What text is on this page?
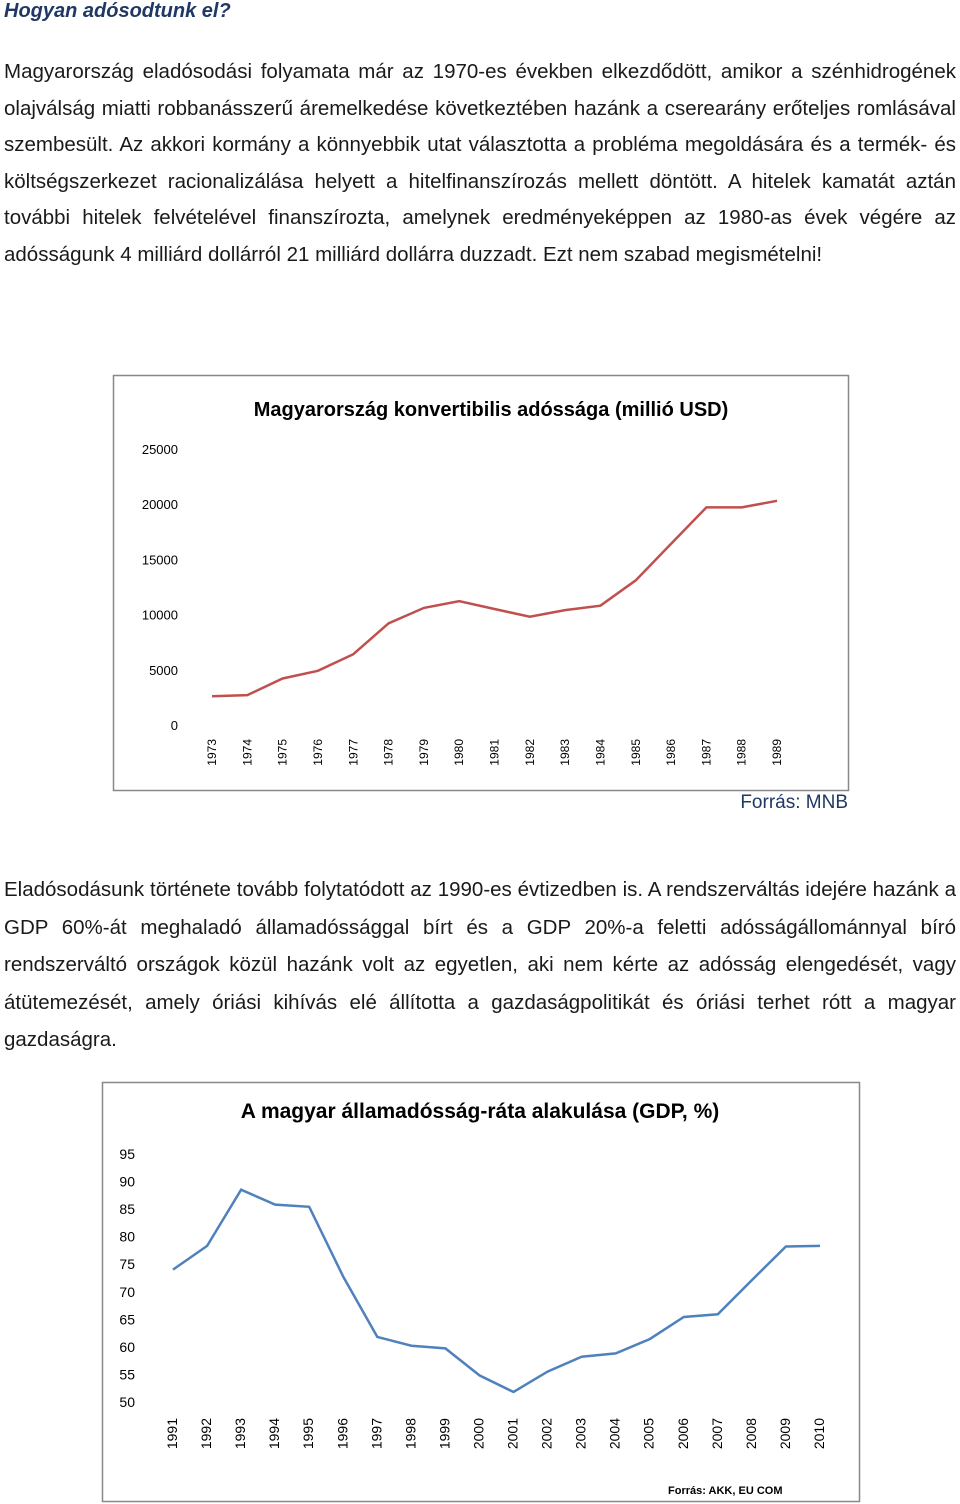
Hogyan adósodtunk el?
Magyarország eladósodási folyamata már az 1970-es években elkezdődött, amikor a szénhidrogének olajválság miatti robbanásszerű áremelkedése következtében hazánk a cserearány erőteljes romlásával szembesült. Az akkori kormány a könnyebbik utat választotta a probléma megoldására és a termék- és költségszerkezet racionalizálása helyett a hitelfinanszírozás mellett döntött. A hitelek kamatát aztán további hitelek felvételével finanszírozta, amelynek eredményeképpen az 1980-as évek végére az adósságunk 4 milliárd dollárról 21 milliárd dollárra duzzadt. Ezt nem szabad megismételni!
Magyarország konvertibilis adóssága (millió USD)
0
5000
10000
15000
20000
25000
1973 1974 1975 1976 1977 1978 1979 1980 1981 1982 1983 1984 1985 1986 1987 1988 1989
Forrás: MNB
Eladósodásunk története tovább folytatódott az 1990-es évtizedben is. A rendszerváltás idejére hazánk a GDP 60%-át meghaladó államadóssággal bírt és a GDP 20%-a feletti adósságállománnyal bíró rendszerváltó országok közül hazánk volt az egyetlen, aki nem kérte az adósság elengedését, vagy átütemezését, amely óriási kihívás elé állította a gazdaságpolitikát és óriási terhet rótt a magyar gazdaságra.
A magyar államadósság-ráta alakulása (GDP, %)
50
55
60
65
70
75
80
85
90
95
1991 1992 1993 1994 1995 1996 1997 1998 1999 2000 2001 2002 2003 2004 2005 2006 2007 2008 2009 2010
Forrás: AKK, EU COM
